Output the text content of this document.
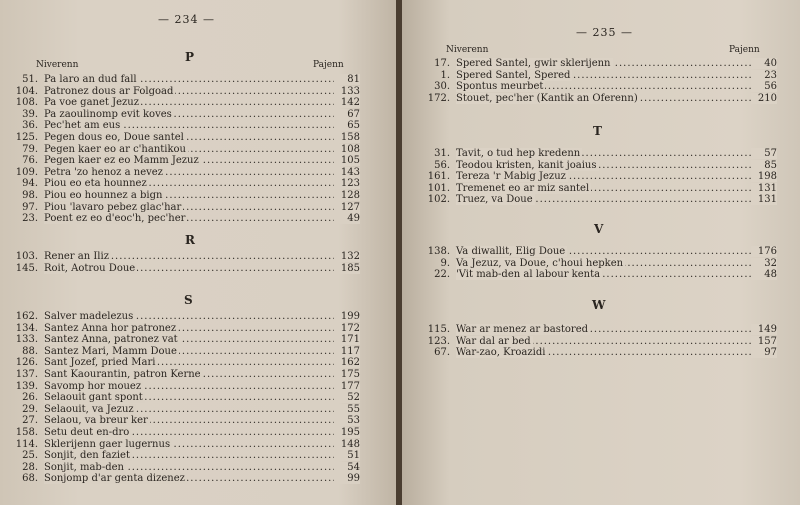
— 234 —
Niverenn	Pajenn
P
.....
51. Pa laro an dud fall	81
.....
104. Patronez dous ar Folgoad	133
.....
108. Pa voe ganet Jezuz	142
.....
39. Pa zaoulinomp evit koves	67
.....
36. Pec'het am eus	65
.....
125. Pegen dous eo, Doue santel	158
.....
79. Pegen kaer eo ar c'hantikou	108
.....
76. Pegen kaer ez eo Mamm Jezuz	105
.....
109. Petra 'zo henoz a nevez	143
.....
94. Piou eo eta hounnez	123
.....
98. Piou eo hounnez a bign	128
.....
97. Piou 'lavaro pebez glac'har	127
.....
23. Poent ez eo d'eoc'h, pec'her	49
R
.....
103. Rener an Iliz	132
.....
145. Roit, Aotrou Doue	185
S
.....
162. Salver madelezus	199
.....
134. Santez Anna hor patronez	172
.....
133. Santez Anna, patronez vat	171
.....
88. Santez Mari, Mamm Doue	117
.....
126. Sant Jozef, pried Mari	162
.....
137. Sant Kaourantin, patron Kerne	175
.....
139. Savomp hor mouez	177
.....
26. Selaouit gant spont	52
.....
29. Selaouit, va Jezuz	55
.....
27. Selaou, va breur ker	53
.....
158. Setu deut en-dro	195
.....
114. Sklerijenn gaer lugernus	148
.....
25. Sonjit, den faziet	51
.....
28. Sonjit, mab-den	54
.....
68. Sonjomp d'ar genta dizenez	99
— 235 —
Niverenn	Pajenn
.....
17. Spered Santel, gwir sklerijenn	40
.....
1. Spered Santel, Spered	23
.....
30. Spontus meurbet	56
.....
172. Stouet, pec'her (Kantik an Oferenn)	210
T
.....
31. Tavit, o tud hep kredenn	57
.....
56. Teodou kristen, kanit joaius	85
.....
161. Tereza 'r Mabig Jezuz	198
.....
101. Tremenet eo ar miz santel	131
.....
102. Truez, va Doue	131
V
.....
138. Va diwallit, Elig Doue	176
.....
9. Va Jezuz, va Doue, c'houi hepken	32
.....
22. 'Vit mab-den al labour kenta	48
W
.....
115. War ar menez ar bastored	149
.....
123. War dal ar bed	157
.....
67. War-zao, Kroazidi	97
